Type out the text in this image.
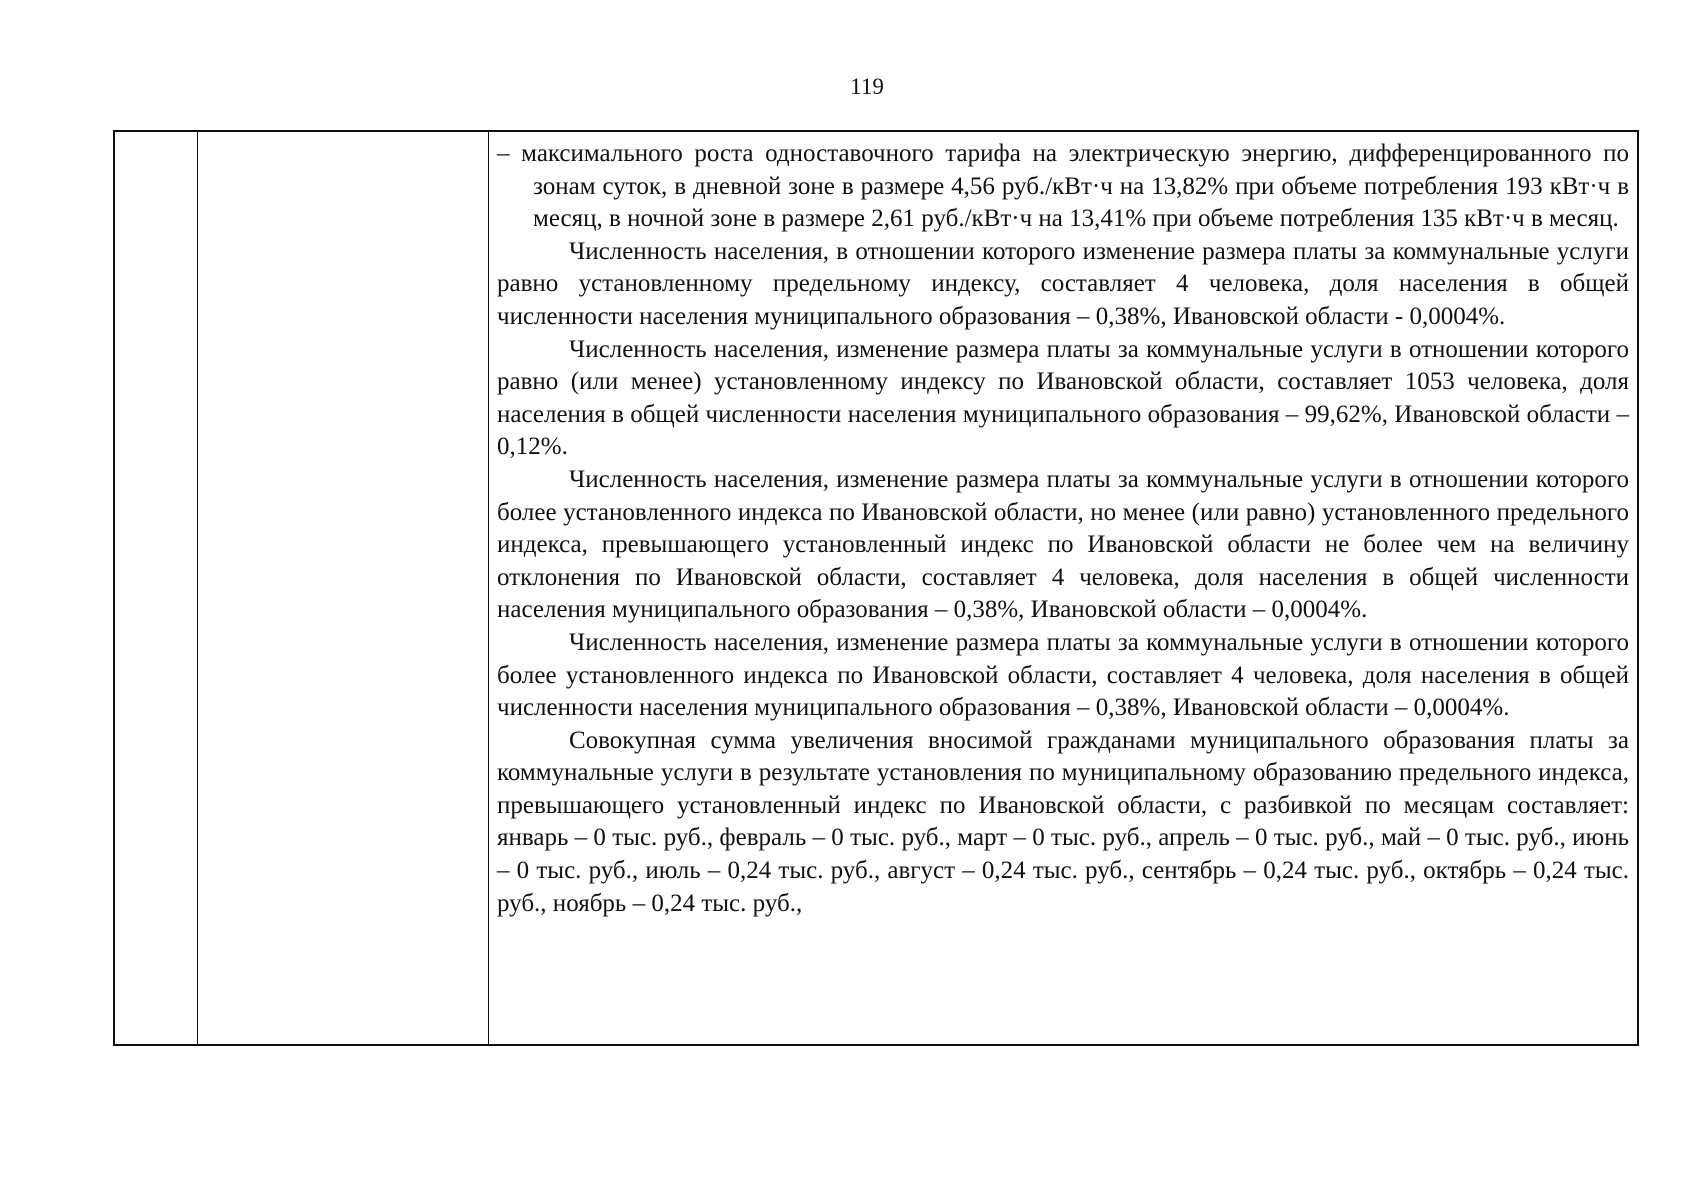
119

– максимального роста одноставочного тарифа на электрическую энергию, дифференцированного по зонам суток, в дневной зоне в размере 4,56 руб./кВт·ч на 13,82% при объеме потребления 193 кВт·ч в месяц, в ночной зоне в размере 2,61 руб./кВт·ч на 13,41% при объеме потребления 135 кВт·ч в месяц.

Численность населения, в отношении которого изменение размера платы за коммунальные услуги равно установленному предельному индексу, составляет 4 человека, доля населения в общей численности населения муниципального образования – 0,38%, Ивановской области - 0,0004%.

Численность населения, изменение размера платы за коммунальные услуги в отношении которого равно (или менее) установленному индексу по Ивановской области, составляет 1053 человека, доля населения в общей численности населения муниципального образования – 99,62%, Ивановской области – 0,12%.

Численность населения, изменение размера платы за коммунальные услуги в отношении которого более установленного индекса по Ивановской области, но менее (или равно) установленного предельного индекса, превышающего установленный индекс по Ивановской области не более чем на величину отклонения по Ивановской области, составляет 4 человека, доля населения в общей численности населения муниципального образования – 0,38%, Ивановской области – 0,0004%.

Численность населения, изменение размера платы за коммунальные услуги в отношении которого более установленного индекса по Ивановской области, составляет 4 человека, доля населения в общей численности населения муниципального образования – 0,38%, Ивановской области – 0,0004%.

Совокупная сумма увеличения вносимой гражданами муниципального образования платы за коммунальные услуги в результате установления по муниципальному образованию предельного индекса, превышающего установленный индекс по Ивановской области, с разбивкой по месяцам составляет: январь – 0 тыс. руб., февраль – 0 тыс. руб., март – 0 тыс. руб., апрель – 0 тыс. руб., май – 0 тыс. руб., июнь – 0 тыс. руб., июль – 0,24 тыс. руб., август – 0,24 тыс. руб., сентябрь – 0,24 тыс. руб., октябрь – 0,24 тыс. руб., ноябрь – 0,24 тыс. руб.,
